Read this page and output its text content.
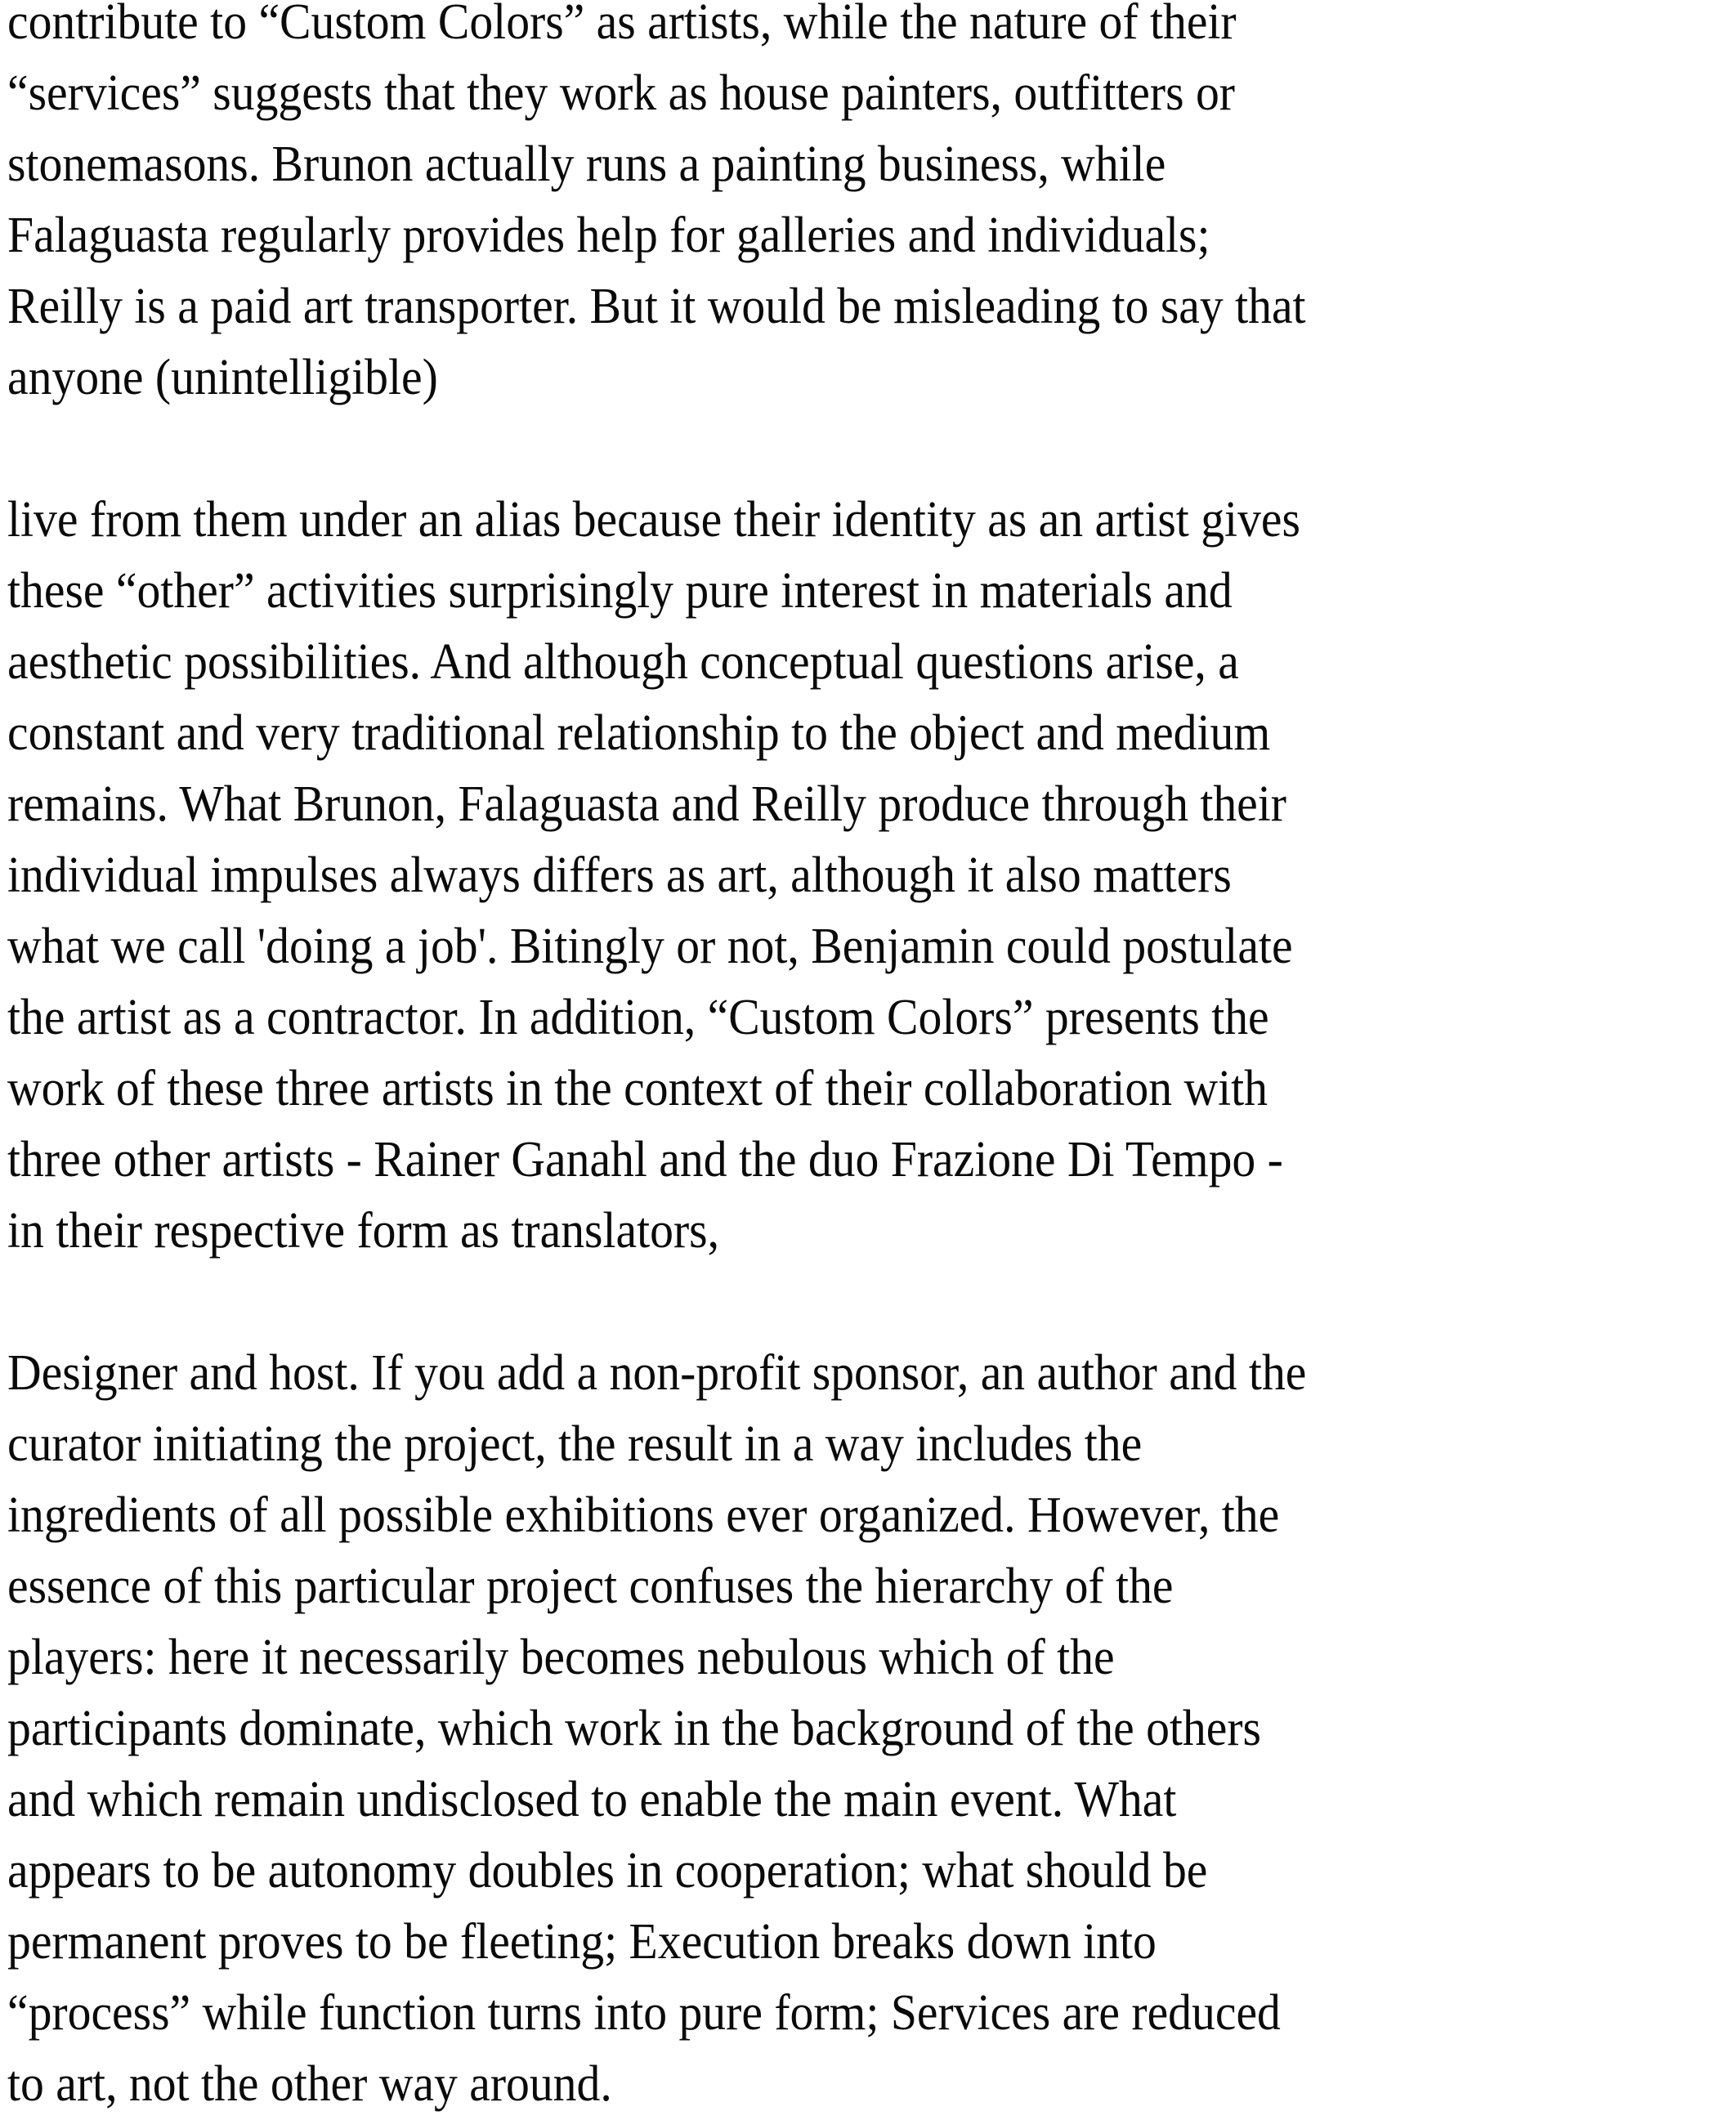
contribute to “Custom Colors” as artists, while the nature of their
“services” suggests that they work as house painters, outfitters or
stonemasons. Brunon actually runs a painting business, while
Falaguasta regularly provides help for galleries and individuals;
Reilly is a paid art transporter. But it would be misleading to say that
anyone (unintelligible)
live from them under an alias because their identity as an artist gives
these “other” activities surprisingly pure interest in materials and
aesthetic possibilities. And although conceptual questions arise, a
constant and very traditional relationship to the object and medium
remains. What Brunon, Falaguasta and Reilly produce through their
individual impulses always differs as art, although it also matters
what we call 'doing a job'. Bitingly or not, Benjamin could postulate
the artist as a contractor. In addition, “Custom Colors” presents the
work of these three artists in the context of their collaboration with
three other artists - Rainer Ganahl and the duo Frazione Di Tempo -
in their respective form as translators,
Designer and host. If you add a non-profit sponsor, an author and the
curator initiating the project, the result in a way includes the
ingredients of all possible exhibitions ever organized. However, the
essence of this particular project confuses the hierarchy of the
players: here it necessarily becomes nebulous which of the
participants dominate, which work in the background of the others
and which remain undisclosed to enable the main event. What
appears to be autonomy doubles in cooperation; what should be
permanent proves to be fleeting; Execution breaks down into
“process” while function turns into pure form; Services are reduced
to art, not the other way around.
